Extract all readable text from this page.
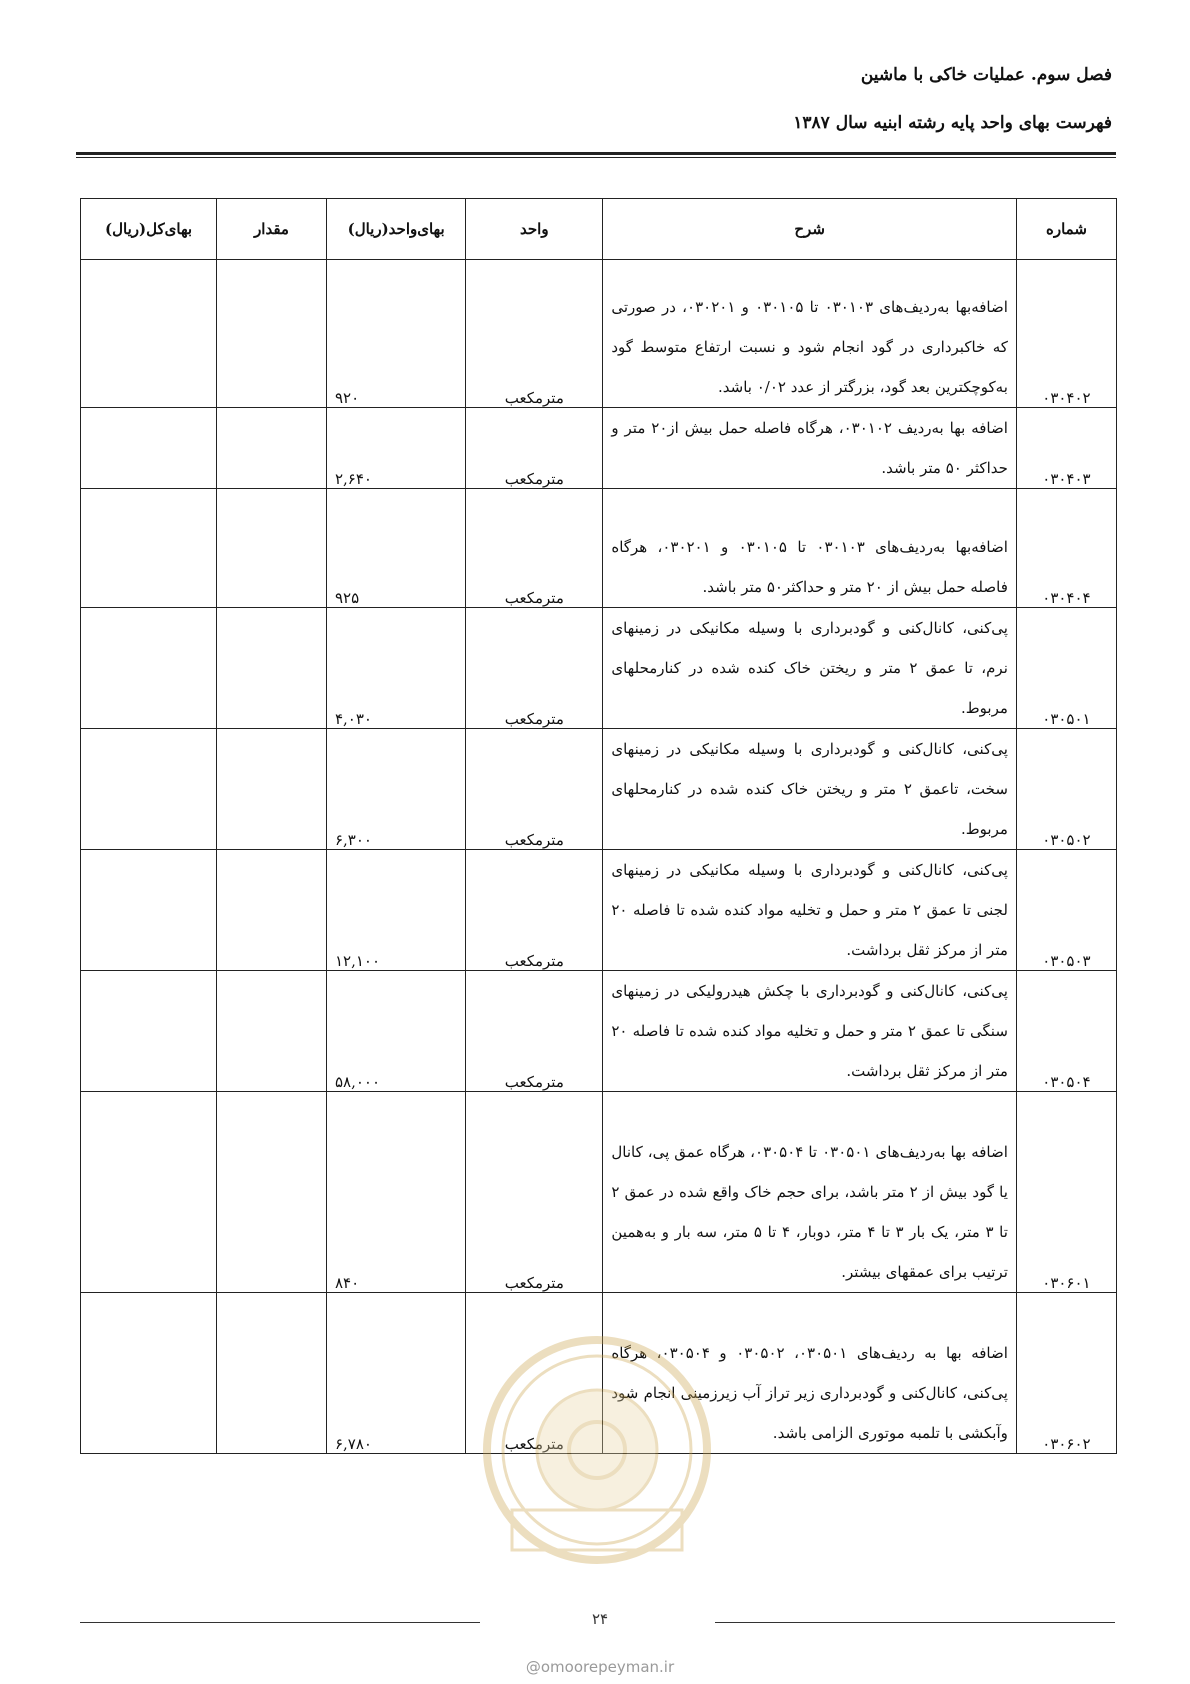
فصل سوم. عملیات خاکی با ماشین
فهرست بهای واحد پایه رشته ابنیه سال ۱۳۸۷
شماره	شرح	واحد	بهای‌واحد(ریال)	مقدار	بهای‌کل(ریال)
۰۳۰۴۰۲	اضافه‌بها به‌ردیف‌های ۰۳۰۱۰۳ تا ۰۳۰۱۰۵ و ۰۳۰۲۰۱، در صورتی که خاکبرداری در گود انجام شود و نسبت ارتفاع متوسط گود به‌کوچکترین بعد گود، بزرگتر از عدد ۰/۰۲ باشد.	مترمکعب	۹۲۰		
۰۳۰۴۰۳	اضافه بها به‌ردیف ۰۳۰۱۰۲، هرگاه فاصله حمل بیش از۲۰ متر و حداکثر ۵۰ متر باشد.	مترمکعب	۲,۶۴۰		
۰۳۰۴۰۴	اضافه‌بها به‌ردیف‌های ۰۳۰۱۰۳ تا ۰۳۰۱۰۵ و ۰۳۰۲۰۱، هرگاه فاصله حمل بیش از ۲۰ متر و حداکثر۵۰ متر باشد.	مترمکعب	۹۲۵		
۰۳۰۵۰۱	پی‌کنی، کانال‌کنی و گودبرداری با وسیله مکانیکی در زمینهای نرم، تا عمق ۲ متر و ریختن خاک کنده شده در کنارمحلهای مربوط.	مترمکعب	۴,۰۳۰		
۰۳۰۵۰۲	پی‌کنی، کانال‌کنی و گودبرداری با وسیله مکانیکی در زمینهای سخت، تاعمق ۲ متر و ریختن خاک کنده شده در کنارمحلهای مربوط.	مترمکعب	۶,۳۰۰		
۰۳۰۵۰۳	پی‌کنی، کانال‌کنی و گودبرداری با وسیله مکانیکی در زمینهای لجنی تا عمق ۲ متر و حمل و تخلیه مواد کنده شده تا فاصله ۲۰ متر از مرکز ثقل برداشت.	مترمکعب	۱۲,۱۰۰		
۰۳۰۵۰۴	پی‌کنی، کانال‌کنی و گودبرداری با چکش هیدرولیکی در زمینهای سنگی تا عمق ۲ متر و حمل و تخلیه مواد کنده شده تا فاصله ۲۰ متر از مرکز ثقل برداشت.	مترمکعب	۵۸,۰۰۰		
۰۳۰۶۰۱	اضافه بها به‌ردیف‌های ۰۳۰۵۰۱ تا ۰۳۰۵۰۴، هرگاه عمق پی، کانال یا گود بیش از ۲ متر باشد، برای حجم خاک واقع شده در عمق ۲ تا ۳ متر، یک بار ۳ تا ۴ متر، دوبار، ۴ تا ۵ متر، سه بار و به‌همین ترتیب برای عمقهای بیشتر.	مترمکعب	۸۴۰		
۰۳۰۶۰۲	اضافه بها به ردیف‌های ۰۳۰۵۰۱، ۰۳۰۵۰۲ و ۰۳۰۵۰۴، هرگاه پی‌کنی، کانال‌کنی و گودبرداری زیر تراز آب زیرزمینی انجام شود وآبکشی با تلمبه موتوری الزامی باشد.	مترمکعب	۶,۷۸۰		
۲۴
@omoorepeyman.ir
